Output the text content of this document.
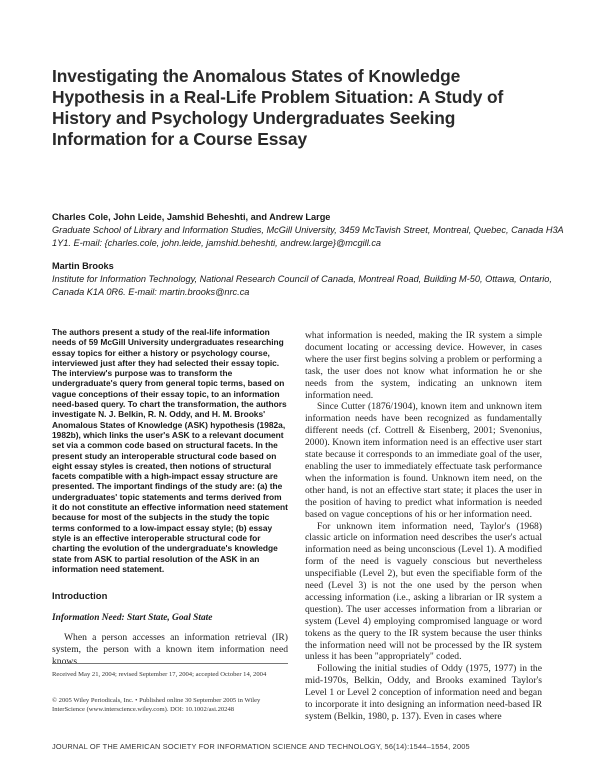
Investigating the Anomalous States of Knowledge Hypothesis in a Real-Life Problem Situation: A Study of History and Psychology Undergraduates Seeking Information for a Course Essay
Charles Cole, John Leide, Jamshid Beheshti, and Andrew Large
Graduate School of Library and Information Studies, McGill University, 3459 McTavish Street, Montreal, Quebec, Canada H3A 1Y1. E-mail: {charles.cole, john.leide, jamshid.beheshti, andrew.large}@mcgill.ca
Martin Brooks
Institute for Information Technology, National Research Council of Canada, Montreal Road, Building M-50, Ottawa, Ontario, Canada K1A 0R6. E-mail: martin.brooks@nrc.ca

The authors present a study of the real-life information needs of 59 McGill University undergraduates researching essay topics for either a history or psychology course, interviewed just after they had selected their essay topic. The interview's purpose was to transform the undergraduate's query from general topic terms, based on vague conceptions of their essay topic, to an information need-based query. To chart the transformation, the authors investigate N. J. Belkin, R. N. Oddy, and H. M. Brooks' Anomalous States of Knowledge (ASK) hypothesis (1982a, 1982b), which links the user's ASK to a relevant document set via a common code based on structural facets. In the present study an interoperable structural code based on eight essay styles is created, then notions of structural facets compatible with a high-impact essay structure are presented. The important findings of the study are: (a) the undergraduates' topic statements and terms derived from it do not constitute an effective information need statement because for most of the subjects in the study the topic terms conformed to a low-impact essay style; (b) essay style is an effective interoperable structural code for charting the evolution of the undergraduate's knowledge state from ASK to partial resolution of the ASK in an information need statement.

Introduction
Information Need: Start State, Goal State

When a person accesses an information retrieval (IR) system, the person with a known item information need knows

Received May 21, 2004; revised September 17, 2004; accepted October 14, 2004

© 2005 Wiley Periodicals, Inc. • Published online 30 September 2005 in Wiley InterScience (www.interscience.wiley.com). DOI: 10.1002/asi.20248

what information is needed, making the IR system a simple document locating or accessing device. However, in cases where the user first begins solving a problem or performing a task, the user does not know what information he or she needs from the system, indicating an unknown item information need.

Since Cutter (1876/1904), known item and unknown item information needs have been recognized as fundamentally different needs (cf. Cottrell & Eisenberg, 2001; Svenonius, 2000). Known item information need is an effective user start state because it corresponds to an immediate goal of the user, enabling the user to immediately effectuate task performance when the information is found. Unknown item need, on the other hand, is not an effective start state; it places the user in the position of having to predict what information is needed based on vague conceptions of his or her information need.

For unknown item information need, Taylor's (1968) classic article on information need describes the user's actual information need as being unconscious (Level 1). A modified form of the need is vaguely conscious but nevertheless unspecifiable (Level 2), but even the specifiable form of the need (Level 3) is not the one used by the person when accessing information (i.e., asking a librarian or IR system a question). The user accesses information from a librarian or system (Level 4) employing compromised language or word tokens as the query to the IR system because the user thinks the information need will not be processed by the IR system unless it has been "appropriately" coded.

Following the initial studies of Oddy (1975, 1977) in the mid-1970s, Belkin, Oddy, and Brooks examined Taylor's Level 1 or Level 2 conception of information need and began to incorporate it into designing an information need-based IR system (Belkin, 1980, p. 137). Even in cases where

JOURNAL OF THE AMERICAN SOCIETY FOR INFORMATION SCIENCE AND TECHNOLOGY, 56(14):1544–1554, 2005
